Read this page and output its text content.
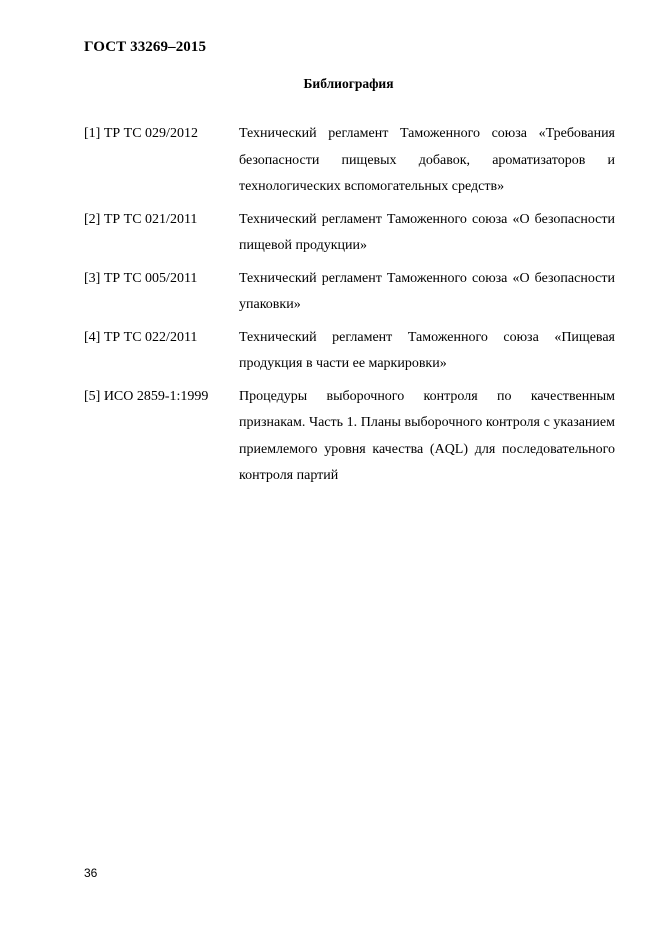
ГОСТ 33269–2015
Библиография
[1] ТР ТС 029/2012	Технический регламент Таможенного союза «Требования безопасности пищевых добавок, ароматизаторов и технологических вспомогательных средств»
[2] ТР ТС 021/2011	Технический регламент Таможенного союза «О безопасности пищевой продукции»
[3] ТР ТС 005/2011	Технический регламент Таможенного союза «О безопасности упаковки»
[4] ТР ТС 022/2011	Технический регламент Таможенного союза «Пищевая продукция в части ее маркировки»
[5] ИСО 2859-1:1999	Процедуры выборочного контроля по качественным признакам. Часть 1. Планы выборочного контроля с указанием приемлемого уровня качества (AQL) для последовательного контроля партий
36
